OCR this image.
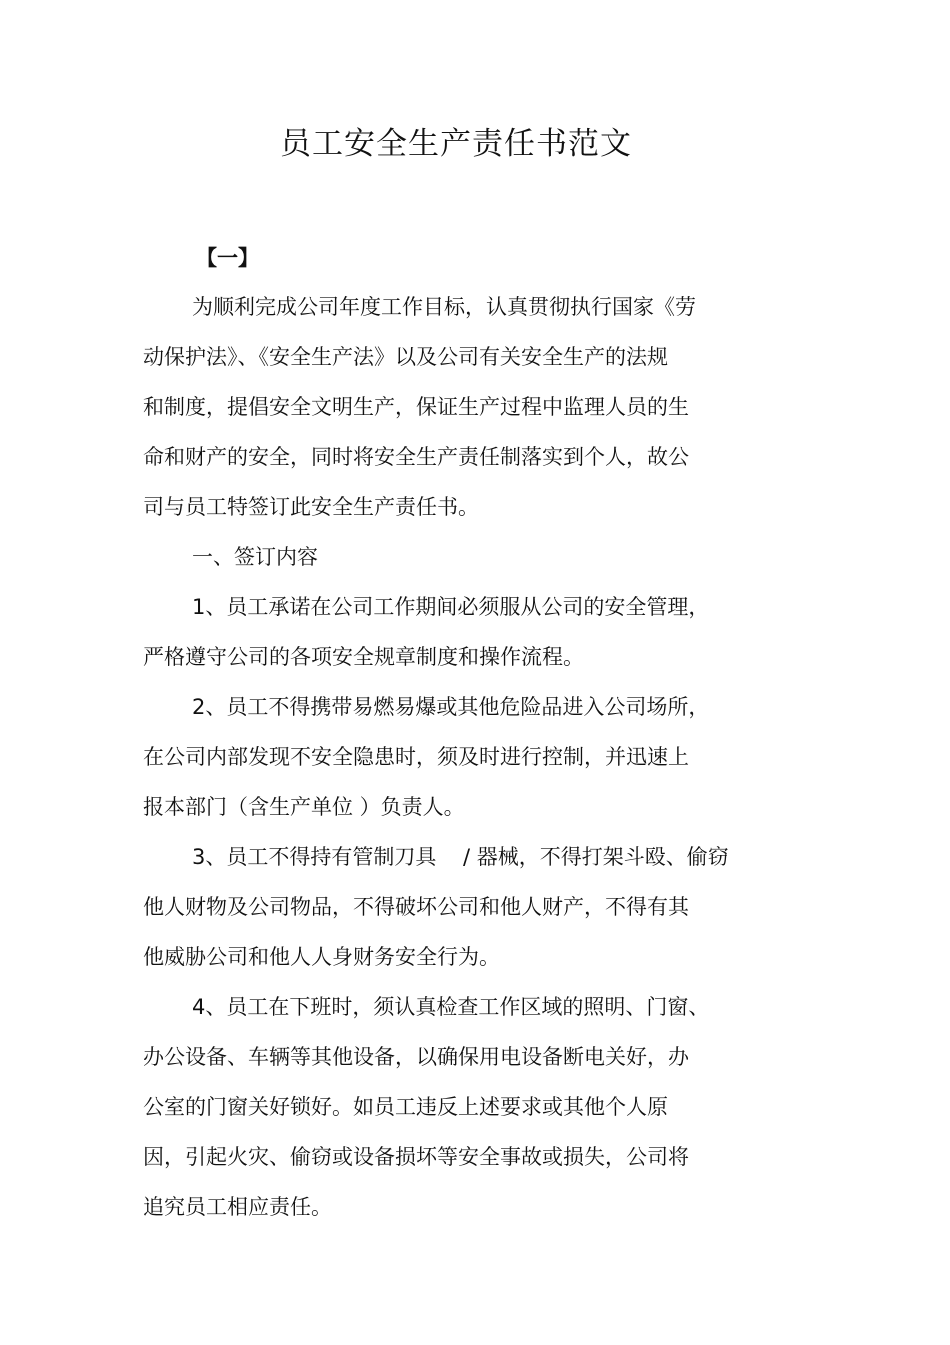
员工安全生产责任书范文
【一】
为顺利完成公司年度工作目标，认真贯彻执行国家《劳
动保护法》、《安全生产法》以及公司有关安全生产的法规
和制度，提倡安全文明生产，保证生产过程中监理人员的生
命和财产的安全，同时将安全生产责任制落实到个人，故公
司与员工特签订此安全生产责任书。
一、签订内容
1、员工承诺在公司工作期间必须服从公司的安全管理，
严格遵守公司的各项安全规章制度和操作流程。
2、员工不得携带易燃易爆或其他危险品进入公司场所，
在公司内部发现不安全隐患时，须及时进行控制，并迅速上
报本部门（含生产单位 ）负责人。
3、员工不得持有管制刀具    / 器械，不得打架斗殴、偷窃
他人财物及公司物品，不得破坏公司和他人财产，不得有其
他威胁公司和他人人身财务安全行为。
4、员工在下班时，须认真检查工作区域的照明、门窗、
办公设备、车辆等其他设备，以确保用电设备断电关好，办
公室的门窗关好锁好。如员工违反上述要求或其他个人原
因，引起火灾、偷窃或设备损坏等安全事故或损失，公司将
追究员工相应责任。
